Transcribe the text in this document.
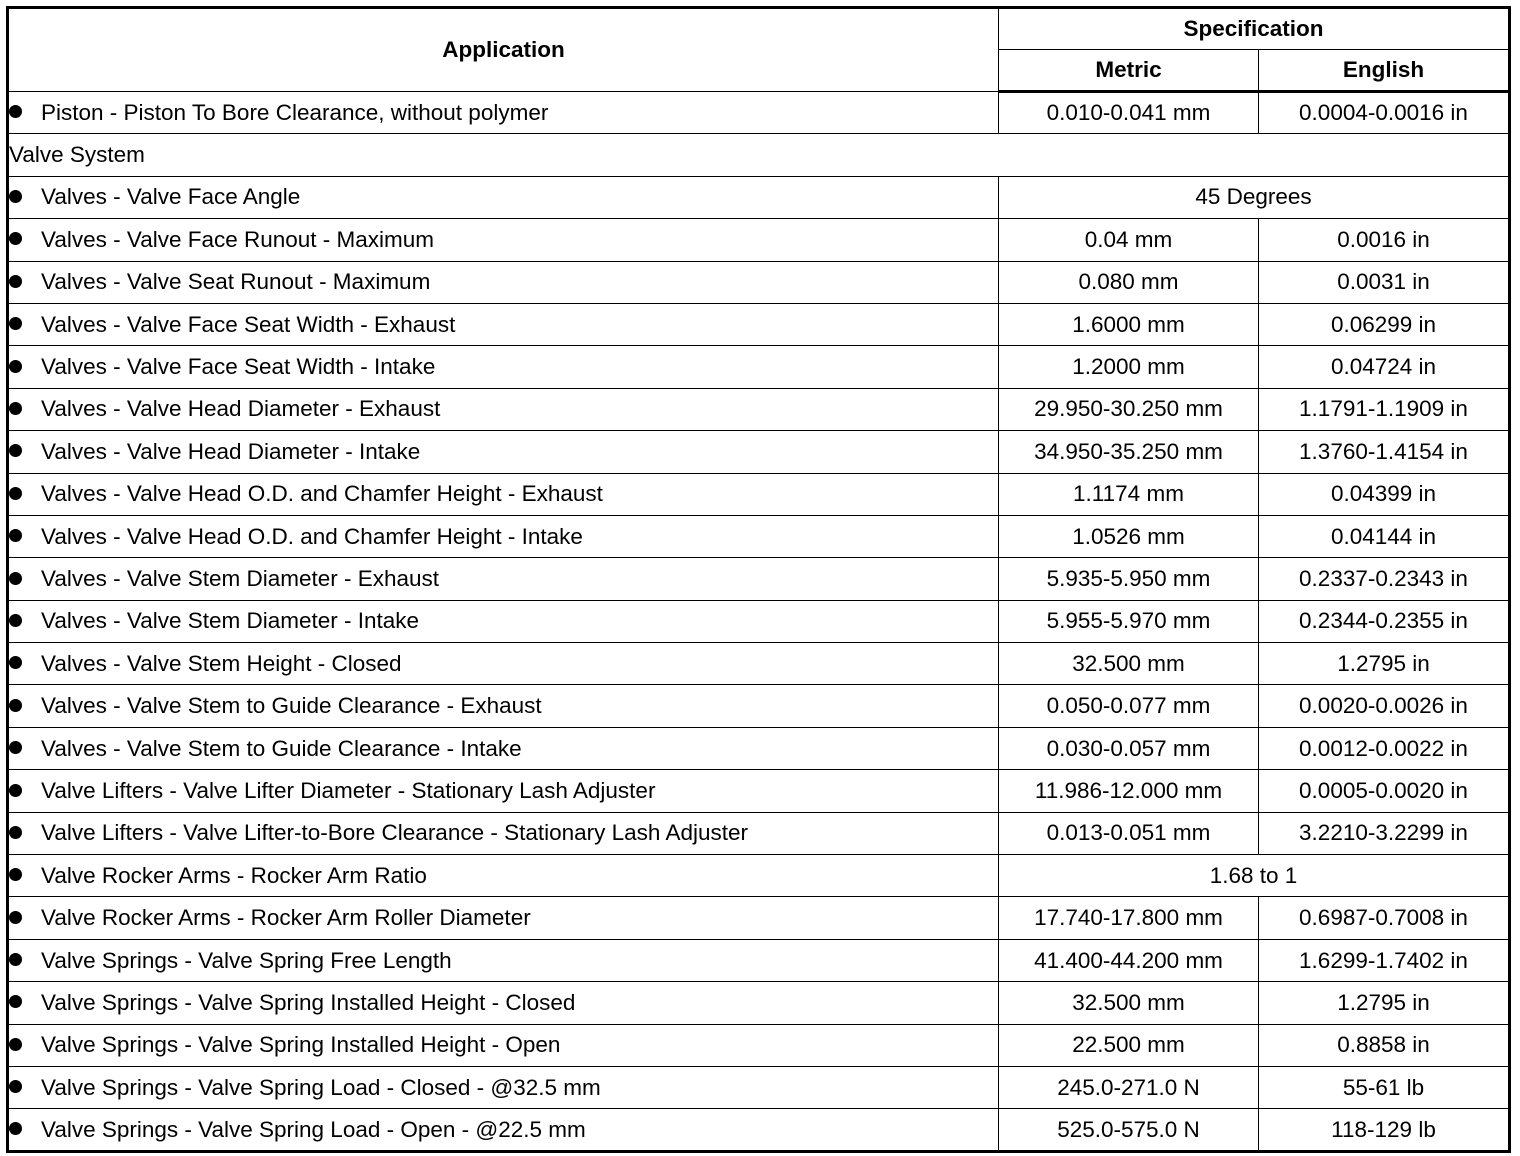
Application	Specification	
	Metric	English
Piston - Piston To Bore Clearance, without polymer	0.010-0.041 mm	0.0004-0.0016 in
Valve System		
Valves - Valve Face Angle	45 Degrees	
Valves - Valve Face Runout - Maximum	0.04 mm	0.0016 in
Valves - Valve Seat Runout - Maximum	0.080 mm	0.0031 in
Valves - Valve Face Seat Width - Exhaust	1.6000 mm	0.06299 in
Valves - Valve Face Seat Width - Intake	1.2000 mm	0.04724 in
Valves - Valve Head Diameter - Exhaust	29.950-30.250 mm	1.1791-1.1909 in
Valves - Valve Head Diameter - Intake	34.950-35.250 mm	1.3760-1.4154 in
Valves - Valve Head O.D. and Chamfer Height - Exhaust	1.1174 mm	0.04399 in
Valves - Valve Head O.D. and Chamfer Height - Intake	1.0526 mm	0.04144 in
Valves - Valve Stem Diameter - Exhaust	5.935-5.950 mm	0.2337-0.2343 in
Valves - Valve Stem Diameter - Intake	5.955-5.970 mm	0.2344-0.2355 in
Valves - Valve Stem Height - Closed	32.500 mm	1.2795 in
Valves - Valve Stem to Guide Clearance - Exhaust	0.050-0.077 mm	0.0020-0.0026 in
Valves - Valve Stem to Guide Clearance - Intake	0.030-0.057 mm	0.0012-0.0022 in
Valve Lifters - Valve Lifter Diameter - Stationary Lash Adjuster	11.986-12.000 mm	0.0005-0.0020 in
Valve Lifters - Valve Lifter-to-Bore Clearance - Stationary Lash Adjuster	0.013-0.051 mm	3.2210-3.2299 in
Valve Rocker Arms - Rocker Arm Ratio	1.68 to 1	
Valve Rocker Arms - Rocker Arm Roller Diameter	17.740-17.800 mm	0.6987-0.7008 in
Valve Springs - Valve Spring Free Length	41.400-44.200 mm	1.6299-1.7402 in
Valve Springs - Valve Spring Installed Height - Closed	32.500 mm	1.2795 in
Valve Springs - Valve Spring Installed Height - Open	22.500 mm	0.8858 in
Valve Springs - Valve Spring Load - Closed - @32.5 mm	245.0-271.0 N	55-61 lb
Valve Springs - Valve Spring Load - Open - @22.5 mm	525.0-575.0 N	118-129 lb
